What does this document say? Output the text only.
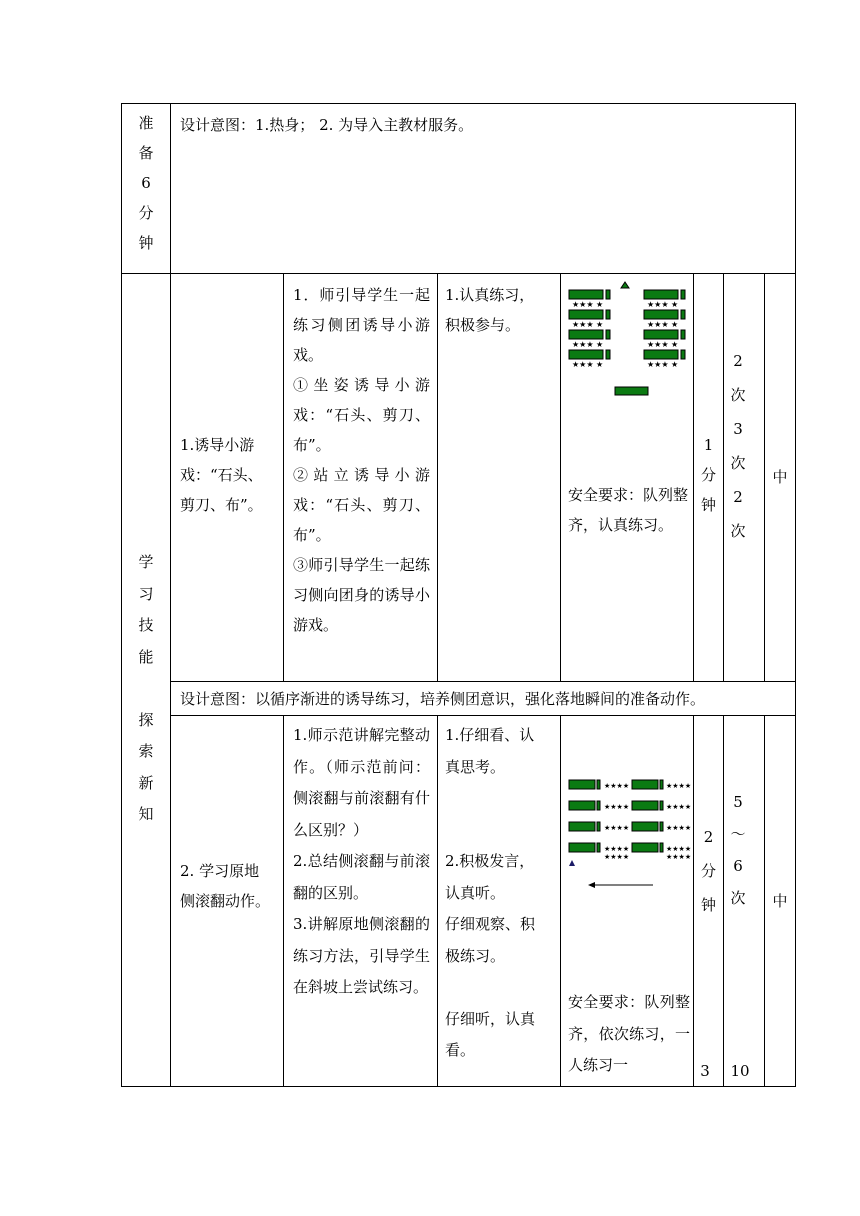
准
备
6
分
钟
设计意图：1.热身； 2. 为导入主教材服务。
学
习
技
能
探
索
新
知

1.诱导小游

戏：“石头、

剪刀、布”。

1．师引导学生一起练习侧团诱导小游戏。

①坐姿诱导小游戏：“石头、剪刀、布”。

②站立诱导小游戏：“石头、剪刀、布”。

③师引导学生一起练习侧向团身的诱导小游戏。

1.认真练习，

积极参与。

★★★ ★
★★★ ★
★★★ ★
★★★ ★
★★★ ★
★★★ ★
★★★ ★
★★★ ★
安全要求：队列整齐，认真练习。
1
分
钟
2
次
3
次
2
次
中
设计意图：以循序渐进的诱导练习，培养侧团意识，强化落地瞬间的准备动作。

2. 学习原地

侧滚翻动作。

1.师示范讲解完整动作。（师示范前问：侧滚翻与前滚翻有什么区别？）

2.总结侧滚翻与前滚翻的区别。

3.讲解原地侧滚翻的练习方法，引导学生在斜坡上尝试练习。

1.仔细看、认

真思考。

2.积极发言，

认真听。

仔细观察、积

极练习。

仔细听，认真

看。

★★★★
★★★★
★★★★
★★★★
★★★★
★★★★
★★★★
★★★★
★★★★
★★★★
安全要求：队列整齐，依次练习，一人练习一
2
分
钟
3
5
～
6
次
10
中
